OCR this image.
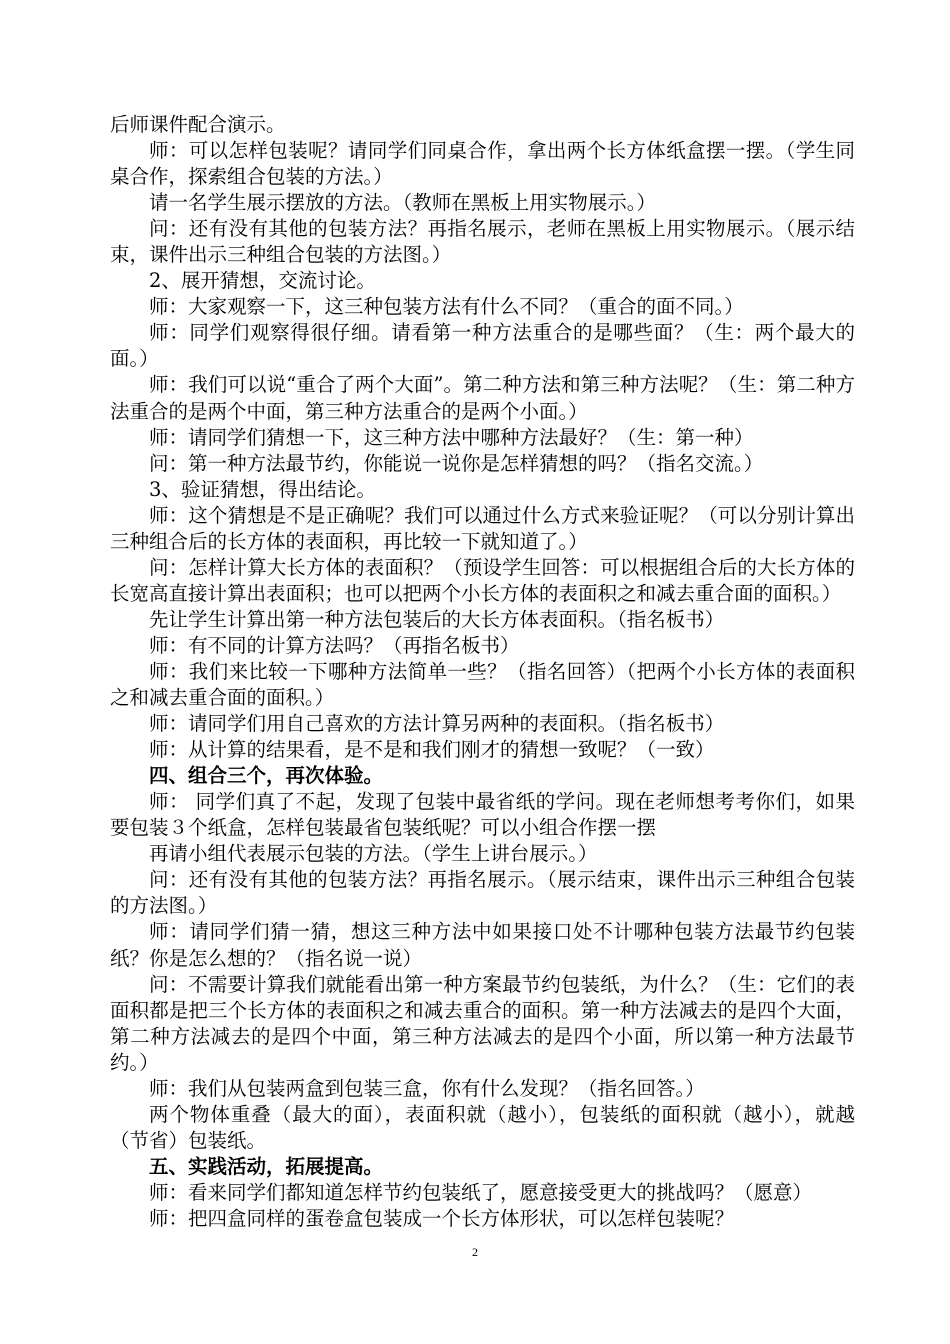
后师课件配合演示。

师：可以怎样包装呢？请同学们同桌合作，拿出两个长方体纸盒摆一摆。（学生同桌合作，探索组合包装的方法。）

请一名学生展示摆放的方法。（教师在黑板上用实物展示。）

问：还有没有其他的包装方法？再指名展示，老师在黑板上用实物展示。（展示结束，课件出示三种组合包装的方法图。）

2、展开猜想，交流讨论。

师：大家观察一下，这三种包装方法有什么不同？（重合的面不同。）

师：同学们观察得很仔细。请看第一种方法重合的是哪些面？（生：两个最大的面。）

师：我们可以说“重合了两个大面”。第二种方法和第三种方法呢？（生：第二种方法重合的是两个中面，第三种方法重合的是两个小面。）

师：请同学们猜想一下，这三种方法中哪种方法最好？（生：第一种）

问：第一种方法最节约，你能说一说你是怎样猜想的吗？（指名交流。）

3、验证猜想，得出结论。

师：这个猜想是不是正确呢？我们可以通过什么方式来验证呢？（可以分别计算出三种组合后的长方体的表面积，再比较一下就知道了。）

问：怎样计算大长方体的表面积？（预设学生回答：可以根据组合后的大长方体的长宽高直接计算出表面积；也可以把两个小长方体的表面积之和减去重合面的面积。）

先让学生计算出第一种方法包装后的大长方体表面积。（指名板书）

师：有不同的计算方法吗？（再指名板书）

师：我们来比较一下哪种方法简单一些？（指名回答）（把两个小长方体的表面积之和减去重合面的面积。）

师：请同学们用自己喜欢的方法计算另两种的表面积。（指名板书）

师：从计算的结果看，是不是和我们刚才的猜想一致呢？（一致）

四、组合三个，再次体验。

师： 同学们真了不起，发现了包装中最省纸的学问。现在老师想考考你们，如果要包装３个纸盒，怎样包装最省包装纸呢？可以小组合作摆一摆

再请小组代表展示包装的方法。（学生上讲台展示。）

问：还有没有其他的包装方法？再指名展示。（展示结束，课件出示三种组合包装的方法图。）

师：请同学们猜一猜，想这三种方法中如果接口处不计哪种包装方法最节约包装纸？你是怎么想的？（指名说一说）

问：不需要计算我们就能看出第一种方案最节约包装纸，为什么？（生：它们的表面积都是把三个长方体的表面积之和减去重合的面积。第一种方法减去的是四个大面，第二种方法减去的是四个中面，第三种方法减去的是四个小面，所以第一种方法最节约。）

师：我们从包装两盒到包装三盒，你有什么发现？（指名回答。）

两个物体重叠（最大的面），表面积就（越小），包装纸的面积就（越小），就越（节省）包装纸。

五、实践活动，拓展提高。

师：看来同学们都知道怎样节约包装纸了，愿意接受更大的挑战吗？（愿意）

师：把四盒同样的蛋卷盒包装成一个长方体形状，可以怎样包装呢？

2
